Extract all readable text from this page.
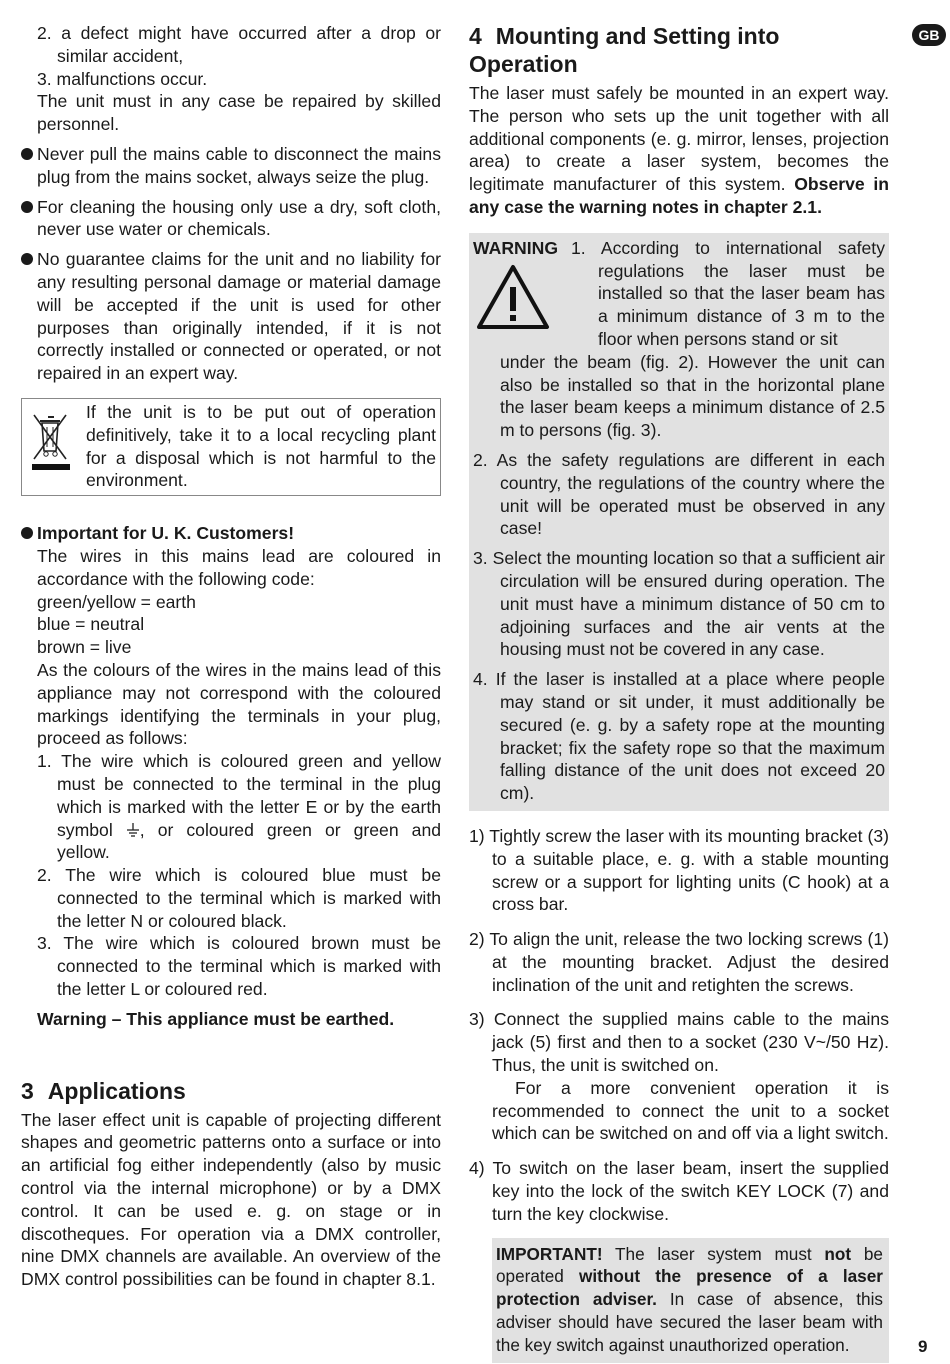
GB

2. a defect might have occurred after a drop or similar accident,

3. malfunctions occur.

The unit must in any case be repaired by skilled personnel.

Never pull the mains cable to disconnect the mains plug from the mains socket, always seize the plug.
For cleaning the housing only use a dry, soft cloth, never use water or chemicals.
No guarantee claims for the unit and no liability for any resulting personal damage or material damage will be accepted if the unit is used for other purposes than originally intended, if it is not correctly installed or connected or operated, or not repaired in an expert way.
If the unit is to be put out of operation definitively, take it to a local recycling plant for a disposal which is not harmful to the environment.

Important for U. K. Customers!

The wires in this mains lead are coloured in accordance with the following code:

green/yellow = earth

blue = neutral

brown = live

As the colours of the wires in the mains lead of this appliance may not correspond with the coloured markings identifying the terminals in your plug, proceed as follows:

1. The wire which is coloured green and yellow must be connected to the terminal in the plug which is marked with the letter E or by the earth symbol , or coloured green or green and yellow.

2. The wire which is coloured blue must be connected to the terminal which is marked with the letter N or coloured black.

3. The wire which is coloured brown must be connected to the terminal which is marked with the letter L or coloured red.

Warning – This appliance must be earthed.

3 Applications

The laser effect unit is capable of projecting different shapes and geometric patterns onto a surface or into an artificial fog either independently (also by music control via the internal microphone) or by a DMX control. It can be used e. g. on stage or in discotheques. For operation via a DMX controller, nine DMX channels are available. An overview of the DMX control possibilities can be found in chapter 8.1.

4 Mounting and Setting into Operation

The laser must safely be mounted in an expert way. The person who sets up the unit together with all additional components (e. g. mirror, lenses, projection area) to create a laser system, becomes the legitimate manufacturer of this system. Observe in any case the warning notes in chapter 2.1.

WARNING 1. According to international safety regulations the laser must be installed so that the laser beam has a minimum distance of 3 m to the floor when persons stand or sit

under the beam (fig. 2). However the unit can also be installed so that in the horizontal plane the laser beam keeps a minimum distance of 2.5 m to persons (fig. 3).

2. As the safety regulations are different in each country, the regulations of the country where the unit will be operated must be observed in any case!

3. Select the mounting location so that a sufficient air circulation will be ensured during operation. The unit must have a minimum distance of 50 cm to adjoining surfaces and the air vents at the housing must not be covered in any case.

4. If the laser is installed at a place where people may stand or sit under, it must additionally be secured (e. g. by a safety rope at the mounting bracket; fix the safety rope so that the maximum falling distance of the unit does not exceed 20 cm).

1) Tightly screw the laser with its mounting bracket (3) to a suitable place, e. g. with a stable mounting screw or a support for lighting units (C hook) at a cross bar.

2) To align the unit, release the two locking screws (1) at the mounting bracket. Adjust the desired inclination of the unit and retighten the screws.

3) Connect the supplied mains cable to the mains jack (5) first and then to a socket (230 V~/50 Hz). Thus, the unit is switched on.

For a more convenient operation it is recommended to connect the unit to a socket which can be switched on and off via a light switch.

4) To switch on the laser beam, insert the supplied key into the lock of the switch KEY LOCK (7) and turn the key clockwise.

IMPORTANT! The laser system must not be operated without the presence of a laser protection adviser. In case of absence, this adviser should have secured the laser beam with the key switch against unauthorized operation.	9
